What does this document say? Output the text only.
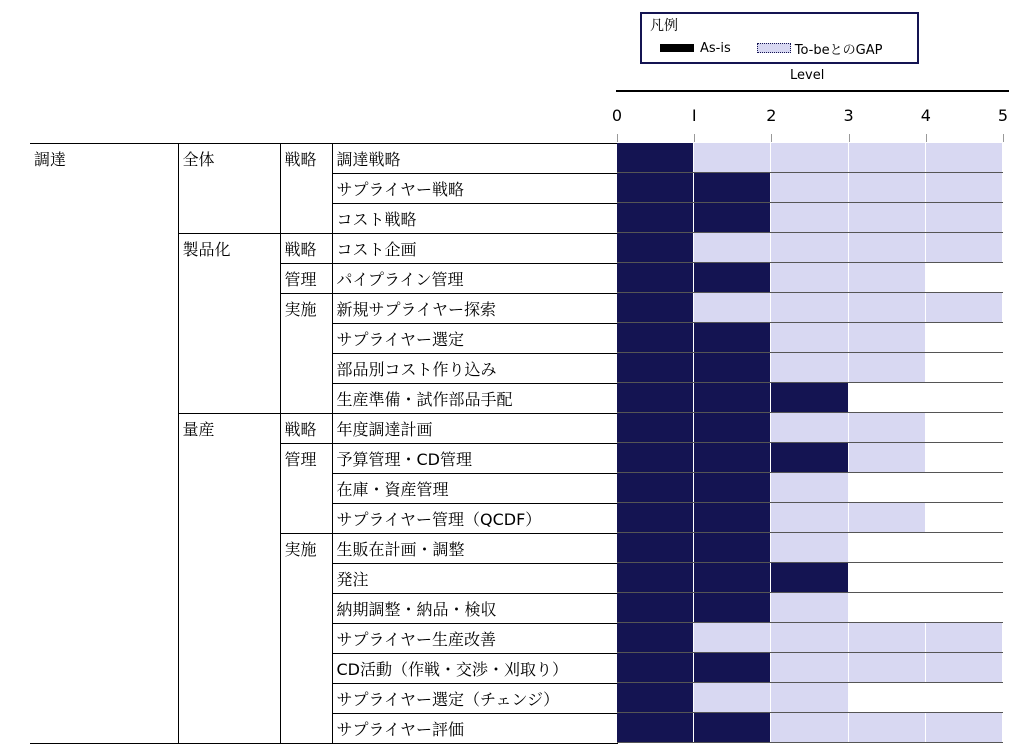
凡例
As-is	To-beとのGAP
Level
0	I	2	3	4	5
調達	全体	戦略	調達戦略
			サプライヤー戦略
			コスト戦略
	製品化	戦略	コスト企画
		管理	パイプライン管理
		実施	新規サプライヤー探索
			サプライヤー選定
			部品別コスト作り込み
			生産準備・試作部品手配
	量産	戦略	年度調達計画
		管理	予算管理・CD管理
			在庫・資産管理
			サプライヤー管理（QCDF）
		実施	生販在計画・調整
			発注
			納期調整・納品・検収
			サプライヤー生産改善
			CD活動（作戦・交渉・刈取り）
			サプライヤー選定（チェンジ）
			サプライヤー評価
